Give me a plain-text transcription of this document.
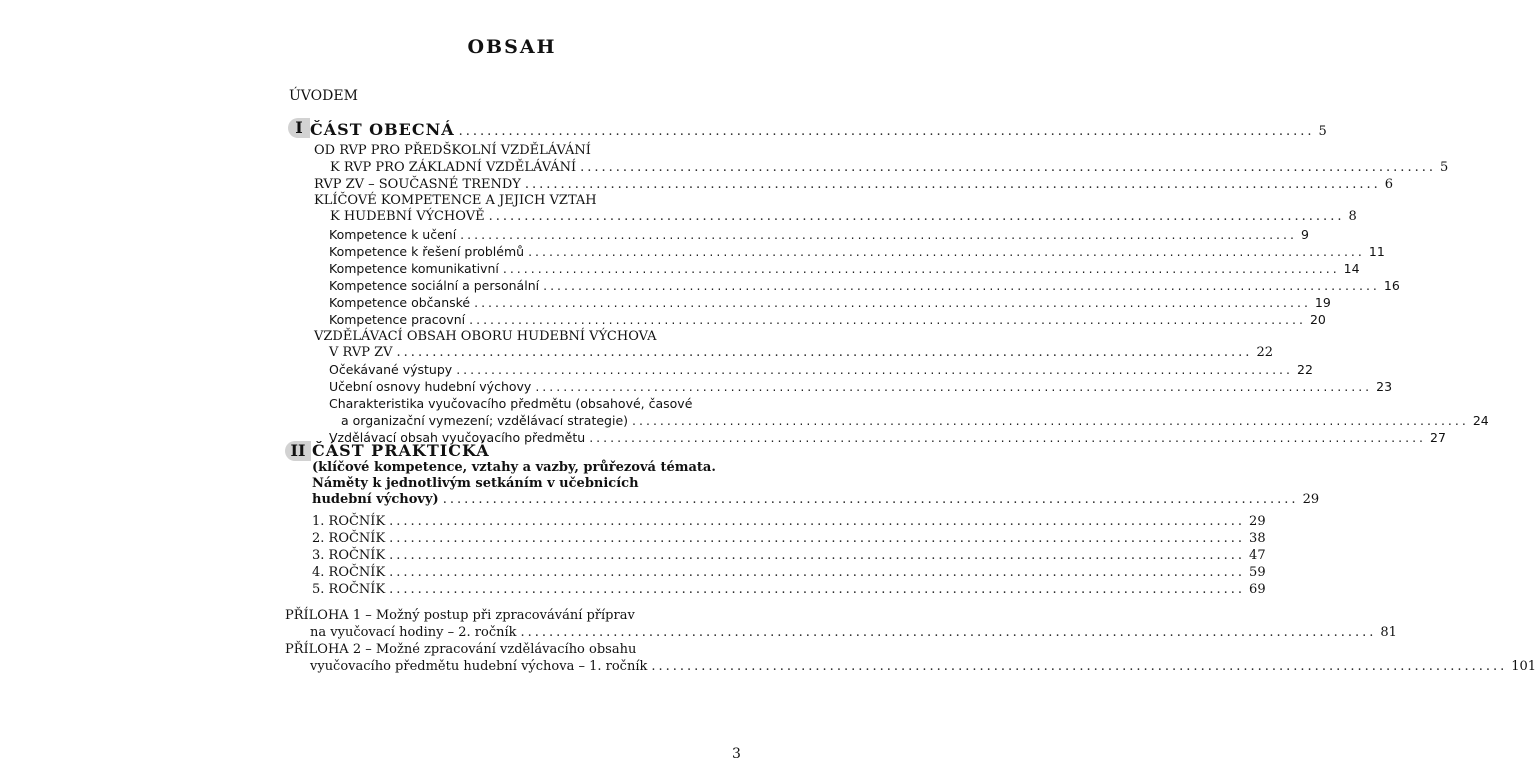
OBSAH
ÚVODEM
I ČÁST OBECNÁ ........................................................................................................................ 5
OD RVP PRO PŘEDŠKOLNÍ VZDĚLÁVÁNÍ
K RVP PRO ZÁKLADNÍ VZDĚLÁVÁNÍ ........................................................................................................................ 5
RVP ZV – SOUČASNÉ TRENDY ........................................................................................................................ 6
KLÍČOVÉ KOMPETENCE A JEJICH VZTAH
K HUDEBNÍ VÝCHOVĚ ........................................................................................................................ 8
Kompetence k učení ........................................................................................................................ 9
Kompetence k řešení problémů ........................................................................................................................ 11
Kompetence komunikativní ........................................................................................................................ 14
Kompetence sociální a personální ........................................................................................................................ 16
Kompetence občanské ........................................................................................................................ 19
Kompetence pracovní ........................................................................................................................ 20
VZDĚLÁVACÍ OBSAH OBORU HUDEBNÍ VÝCHOVA
V RVP ZV ........................................................................................................................ 22
Očekávané výstupy ........................................................................................................................ 22
Učební osnovy hudební výchovy ........................................................................................................................ 23
Charakteristika vyučovacího předmětu (obsahové, časové
a organizační vymezení; vzdělávací strategie) ........................................................................................................................ 24
Vzdělávací obsah vyučovacího předmětu ........................................................................................................................ 27
II ČÁST PRAKTICKÁ
(klíčové kompetence, vztahy a vazby, průřezová témata.
Náměty k jednotlivým setkáním v učebnicích
hudební výchovy) ........................................................................................................................ 29
1. ROČNÍK ........................................................................................................................ 29
2. ROČNÍK ........................................................................................................................ 38
3. ROČNÍK ........................................................................................................................ 47
4. ROČNÍK ........................................................................................................................ 59
5. ROČNÍK ........................................................................................................................ 69
PŘÍLOHA 1 – Možný postup při zpracovávání příprav
na vyučovací hodiny – 2. ročník ........................................................................................................................ 81
PŘÍLOHA 2 – Možné zpracování vzdělávacího obsahu
vyučovacího předmětu hudební výchova – 1. ročník ........................................................................................................................ 101
3
